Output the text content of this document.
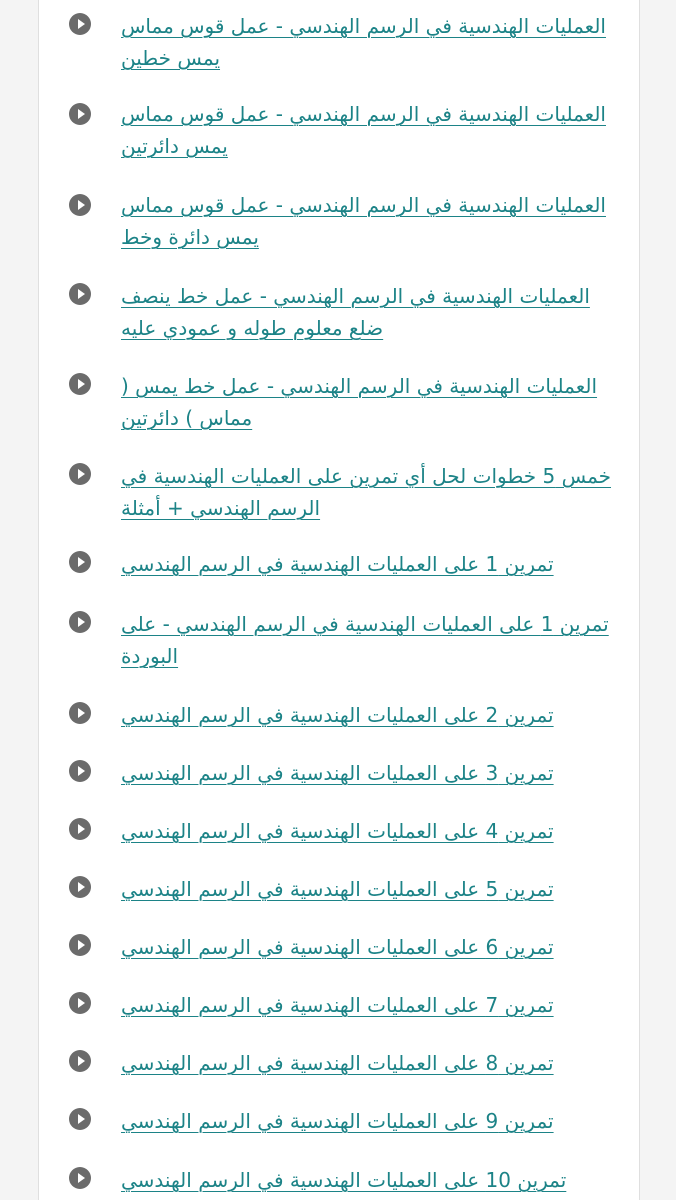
العمليات الهندسية في الرسم الهندسي - عمل قوس مماس يمس خطين
العمليات الهندسية في الرسم الهندسي - عمل قوس مماس يمس دائرتين
العمليات الهندسية في الرسم الهندسي - عمل قوس مماس يمس دائرة وخط
العمليات الهندسية في الرسم الهندسي - عمل خط ينصف ضلع معلوم طوله و عمودي عليه
العمليات الهندسية في الرسم الهندسي - عمل خط يمس ( مماس ) دائرتين
خمس 5 خطوات لحل أي تمرين على العمليات الهندسية في الرسم الهندسي + أمثلة
تمرين 1 على العمليات الهندسية في الرسم الهندسي
تمرين 1 على العمليات الهندسية في الرسم الهندسي - على البوردة
تمرين 2 على العمليات الهندسية في الرسم الهندسي
تمرين 3 على العمليات الهندسية في الرسم الهندسي
تمرين 4 على العمليات الهندسية في الرسم الهندسي
تمرين 5 على العمليات الهندسية في الرسم الهندسي
تمرين 6 على العمليات الهندسية في الرسم الهندسي
تمرين 7 على العمليات الهندسية في الرسم الهندسي
تمرين 8 على العمليات الهندسية في الرسم الهندسي
تمرين 9 على العمليات الهندسية في الرسم الهندسي
تمرين 10 على العمليات الهندسية في الرسم الهندسي
